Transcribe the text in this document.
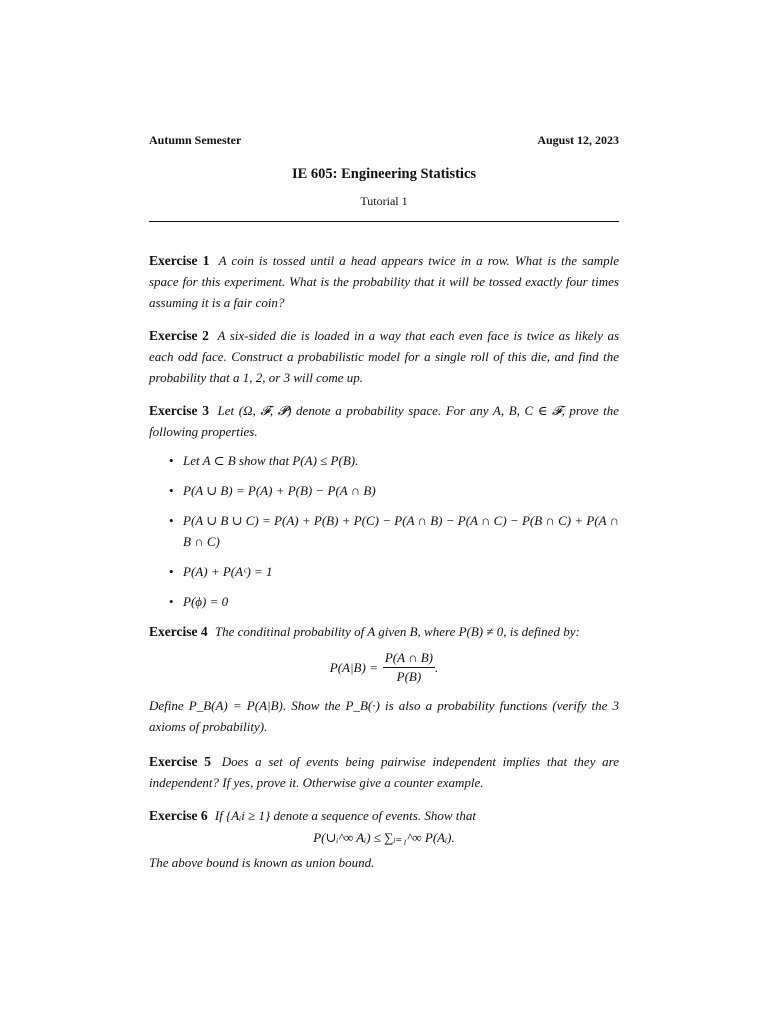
Autumn Semester	August 12, 2023
IE 605: Engineering Statistics
Tutorial 1

Exercise 1 A coin is tossed until a head appears twice in a row. What is the sample space for this experiment. What is the probability that it will be tossed exactly four times assuming it is a fair coin?

Exercise 2 A six-sided die is loaded in a way that each even face is twice as likely as each odd face. Construct a probabilistic model for a single roll of this die, and find the probability that a 1, 2, or 3 will come up.

Exercise 3 Let (Ω, 𝓕, 𝓟) denote a probability space. For any A, B, C ∈ 𝓕, prove the following properties.
• Let A ⊂ B show that P(A) ≤ P(B).
• P(A ∪ B) = P(A) + P(B) − P(A ∩ B)
• P(A ∪ B ∪ C) = P(A) + P(B) + P(C) − P(A ∩ B) − P(A ∩ C) − P(B ∩ C) + P(A ∩ B ∩ C)
• P(A) + P(Aᶜ) = 1
• P(ϕ) = 0
Exercise 4 The conditinal probability of A given B, where P(B) ≠ 0, is defined by:
$P(A|B) = \frac{P(A \cap B)}{P(B)}$ .

Define P_B(A) = P(A|B). Show the P_B(·) is also a probability functions (verify the 3 axioms of probability).

Exercise 5 Does a set of events being pairwise independent implies that they are independent? If yes, prove it. Otherwise give a counter example.

Exercise 6 If {Aᵢi ≥ 1} denote a sequence of events. Show that
P(∪ᵢ^∞ Aᵢ) ≤ ∑ᵢ₌₁^∞ P(Aᵢ).

The above bound is known as union bound.
